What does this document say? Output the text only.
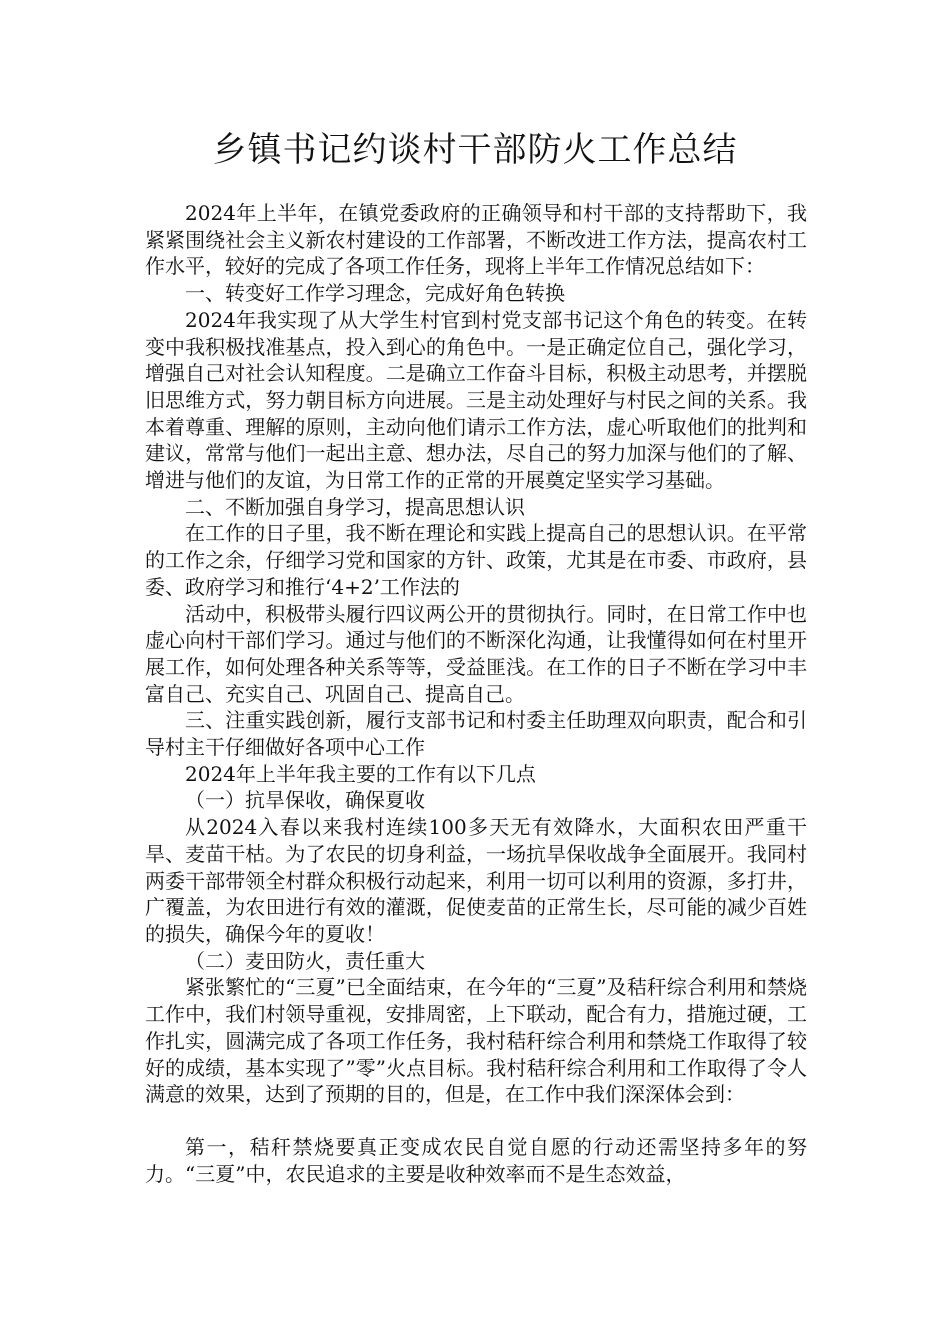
乡镇书记约谈村干部防火工作总结

2024年上半年，在镇党委政府的正确领导和村干部的支持帮助下，我紧紧围绕社会主义新农村建设的工作部署，不断改进工作方法，提高农村工作水平，较好的完成了各项工作任务，现将上半年工作情况总结如下：

一、转变好工作学习理念，完成好角色转换

2024年我实现了从大学生村官到村党支部书记这个角色的转变。在转变中我积极找准基点，投入到心的角色中。一是正确定位自己，强化学习，增强自己对社会认知程度。二是确立工作奋斗目标，积极主动思考，并摆脱旧思维方式，努力朝目标方向进展。三是主动处理好与村民之间的关系。我本着尊重、理解的原则，主动向他们请示工作方法，虚心听取他们的批判和建议，常常与他们一起出主意、想办法，尽自己的努力加深与他们的了解、增进与他们的友谊，为日常工作的正常的开展奠定坚实学习基础。

二、不断加强自身学习，提高思想认识

在工作的日子里，我不断在理论和实践上提高自己的思想认识。在平常的工作之余，仔细学习党和国家的方针、政策，尤其是在市委、市政府，县委、政府学习和推行‘4+2’工作法的

活动中，积极带头履行四议两公开的贯彻执行。同时，在日常工作中也虚心向村干部们学习。通过与他们的不断深化沟通，让我懂得如何在村里开展工作，如何处理各种关系等等，受益匪浅。在工作的日子不断在学习中丰富自己、充实自己、巩固自己、提高自己。

三、注重实践创新，履行支部书记和村委主任助理双向职责，配合和引导村主干仔细做好各项中心工作

2024年上半年我主要的工作有以下几点

（一）抗旱保收，确保夏收

从2024入春以来我村连续100多天无有效降水，大面积农田严重干旱、麦苗干枯。为了农民的切身利益，一场抗旱保收战争全面展开。我同村两委干部带领全村群众积极行动起来，利用一切可以利用的资源，多打井，广覆盖，为农田进行有效的灌溉，促使麦苗的正常生长，尽可能的减少百姓的损失，确保今年的夏收！

（二）麦田防火，责任重大

紧张繁忙的“三夏”已全面结束，在今年的“三夏”及秸秆综合利用和禁烧工作中，我们村领导重视，安排周密，上下联动，配合有力，措施过硬，工作扎实，圆满完成了各项工作任务，我村秸秆综合利用和禁烧工作取得了较好的成绩，基本实现了”零”火点目标。我村秸秆综合利用和工作取得了令人满意的效果，达到了预期的目的，但是，在工作中我们深深体会到：

第一，秸秆禁烧要真正变成农民自觉自愿的行动还需坚持多年的努力。“三夏”中，农民追求的主要是收种效率而不是生态效益，
